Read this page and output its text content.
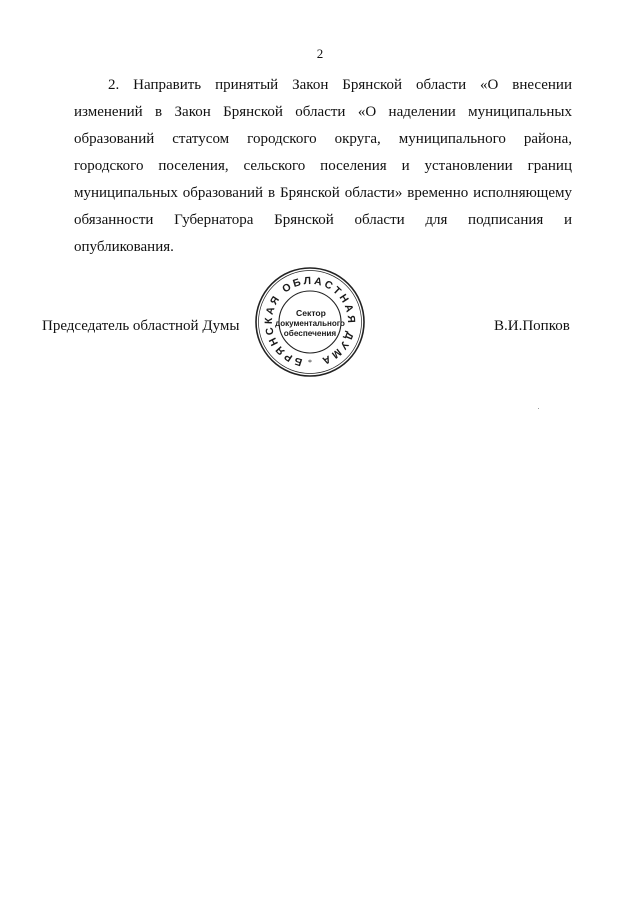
2
2. Направить принятый Закон Брянской области «О внесении
изменений в Закон Брянской области «О наделении муниципальных
образований статусом городского округа, муниципального района,
городского поселения, сельского поселения и установлении границ
муниципальных образований в Брянской области» временно исполняющему
обязанности Губернатора Брянской области для подписания и
опубликования.
Председатель областной Думы
БРЯНСКАЯ ОБЛАСТНАЯ ДУМА
*
Сектор
документального
обеспечения	В.И.Попков
